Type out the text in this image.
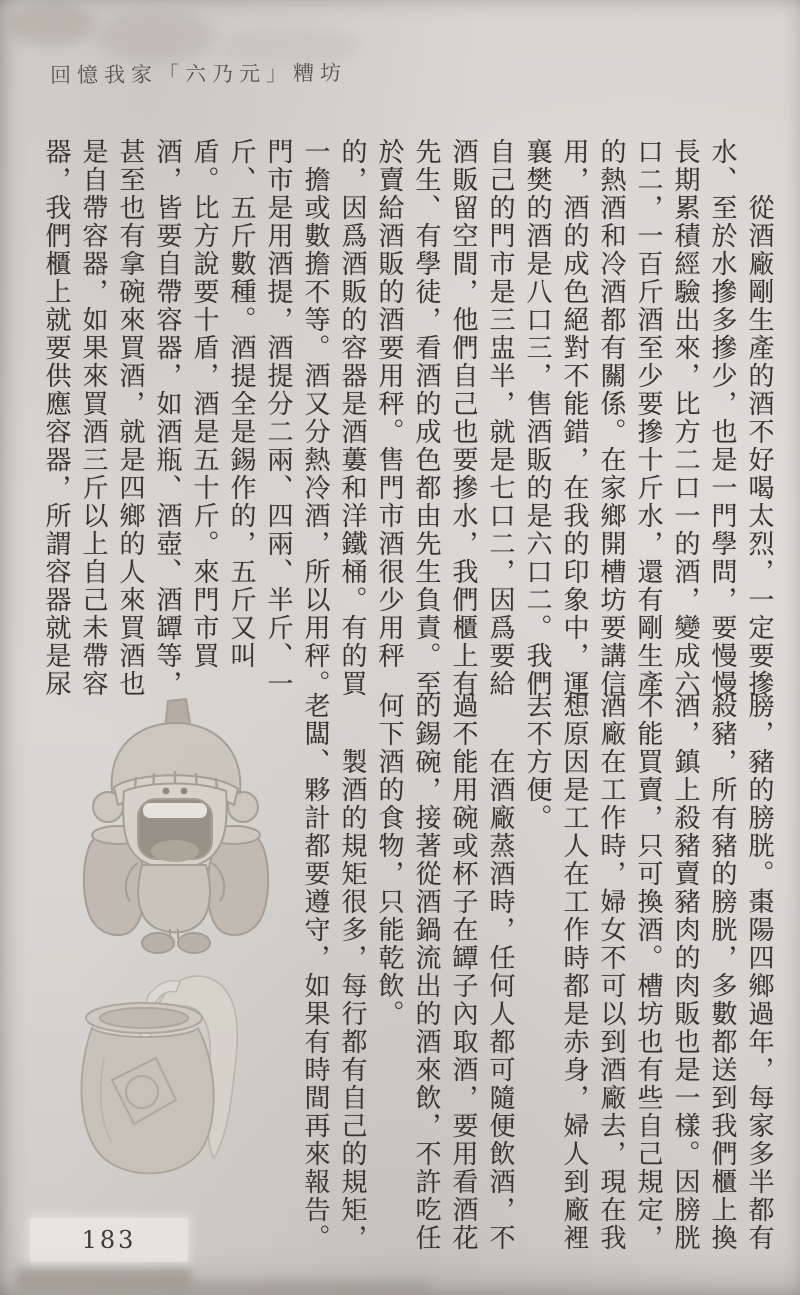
回憶我家「六乃元」糟坊
　　從酒廠剛生產的酒不好喝太烈，一定要摻
水、至於水摻多摻少，也是一門學問，要慢慢
長期累積經驗出來，比方二口一的酒，變成六
口二，一百斤酒至少要摻十斤水，還有剛生產
的熱酒和冷酒都有關係。在家鄉開槽坊要講信
用，酒的成色絕對不能錯，在我的印象中，運
襄樊的酒是八口三，售酒販的是六口二。我們
自己的門市是三盅半，就是七口二，因爲要給
酒販留空間，他們自己也要摻水，我們櫃上有
先生、有學徒，看酒的成色都由先生負責。至
於賣給酒販的酒要用秤。售門市酒很少用秤
的，因爲酒販的容器是酒蔞和洋鐵桶。有的買
一擔或數擔不等。酒又分熱冷酒，所以用秤。
門市是用酒提，酒提分二兩、四兩、半斤、一
斤、五斤數種。酒提全是錫作的，五斤又叫
盾。比方說要十盾，酒是五十斤。來門市買
酒，皆要自帶容器，如酒瓶、酒壺、酒罈等，
甚至也有拿碗來買酒，就是四鄉的人來買酒也
是自帶容器，如果來買酒三斤以上自己未帶容
器，我們櫃上就要供應容器，所謂容器就是尿
膀，豬的膀胱。棗陽四鄉過年，每家多半都有
殺豬，所有豬的膀胱，多數都送到我們櫃上換
酒，鎮上殺豬賣豬肉的肉販也是一樣。因膀胱
不能買賣，只可換酒。槽坊也有些自己規定，
酒廠在工作時，婦女不可以到酒廠去，現在我
想原因是工人在工作時都是赤身，婦人到廠裡
去不方便。
　　在酒廠蒸酒時，任何人都可隨便飲酒，不
過不能用碗或杯子在罈子內取酒，要用看酒花
的錫碗，接著從酒鍋流出的酒來飲，不許吃任
何下酒的食物，只能乾飲。
　　製酒的規矩很多，每行都有自己的規矩，
老闆、夥計都要遵守，如果有時間再來報告。
183
